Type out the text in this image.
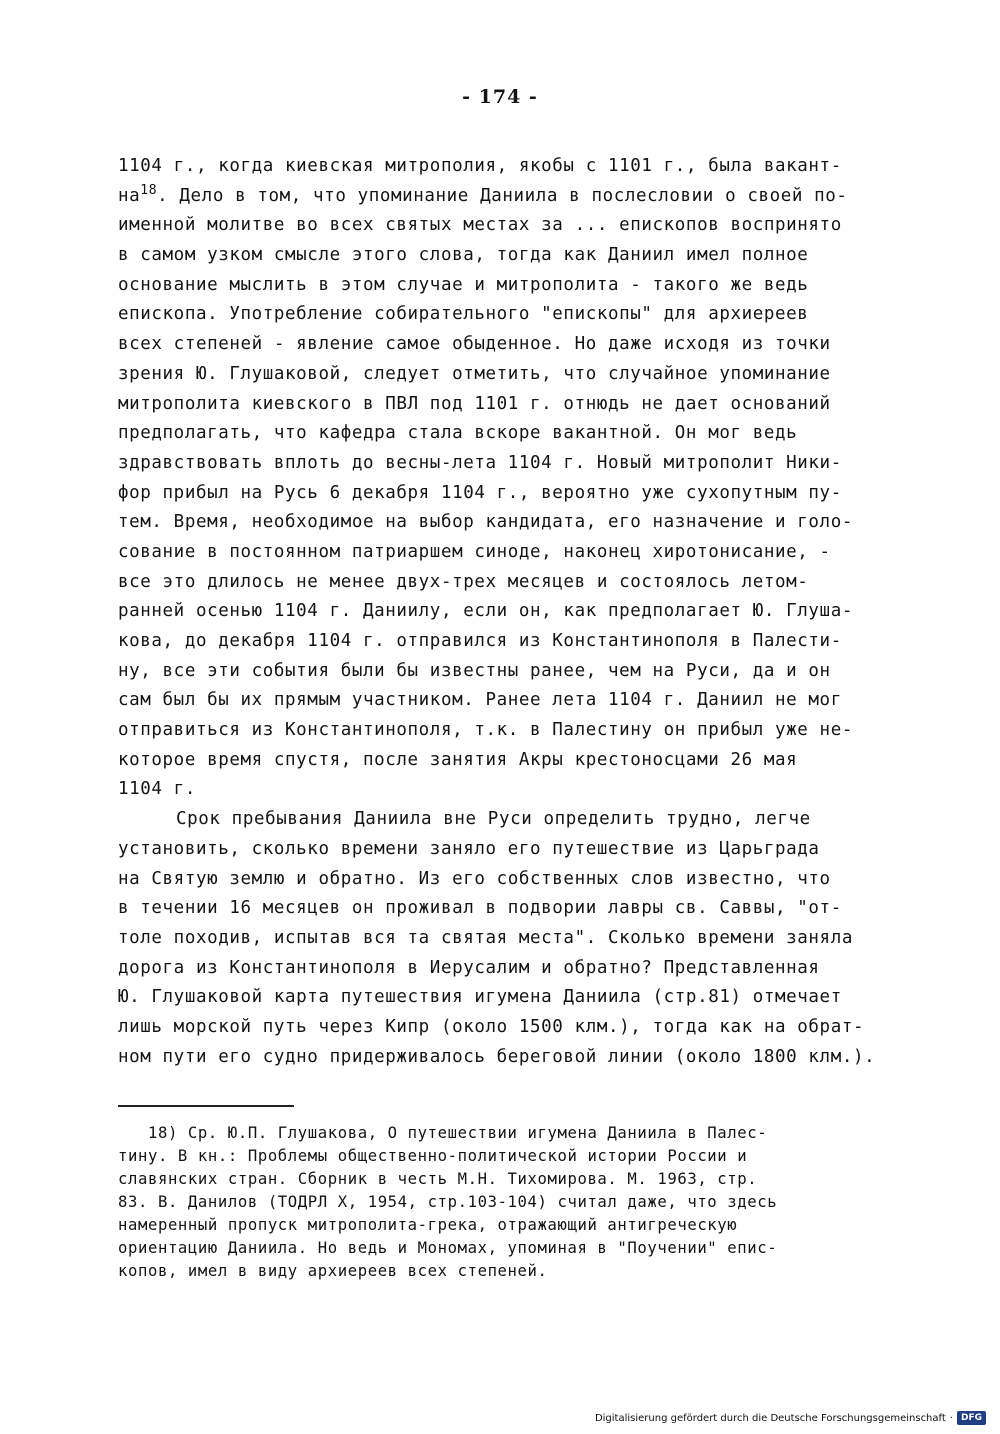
- 174 -
1104 г., когда киевская митрополия, якобы с 1101 г., была вакант-
на$^{18}$. Дело в том, что упоминание Даниила в послесловии о своей по-
именной молитве во всех святых местах за ... епископов воспринято
в самом узком смысле этого слова, тогда как Даниил имел полное
основание мыслить в этом случае и митрополита - такого же ведь
епископа. Употребление собирательного "епископы" для архиереев
всех степеней - явление самое обыденное. Но даже исходя из точки
зрения Ю. Глушаковой, следует отметить, что случайное упоминание
митрополита киевского в ПВЛ под 1101 г. отнюдь не дает оснований
предполагать, что кафедра стала вскоре вакантной. Он мог ведь
здравствовать вплоть до весны-лета 1104 г. Новый митрополит Ники-
фор прибыл на Русь 6 декабря 1104 г., вероятно уже сухопутным пу-
тем. Время, необходимое на выбор кандидата, его назначение и голо-
сование в постоянном патриаршем синоде, наконец хиротонисание, -
все это длилось не менее двух-трех месяцев и состоялось летом-
ранней осенью 1104 г. Даниилу, если он, как предполагает Ю. Глуша-
кова, до декабря 1104 г. отправился из Константинополя в Палести-
ну, все эти события были бы известны ранее, чем на Руси, да и он
сам был бы их прямым участником. Ранее лета 1104 г. Даниил не мог
отправиться из Константинополя, т.к. в Палестину он прибыл уже не-
которое время спустя, после занятия Акры крестоносцами 26 мая
1104 г.
Срок пребывания Даниила вне Руси определить трудно, легче
установить, сколько времени заняло его путешествие из Царьграда
на Святую землю и обратно. Из его собственных слов известно, что
в течении 16 месяцев он проживал в подвории лавры св. Саввы, "от-
толе походив, испытав вся та святая места". Сколько времени заняла
дорога из Константинополя в Иерусалим и обратно? Представленная
Ю. Глушаковой карта путешествия игумена Даниила (стр.81) отмечает
лишь морской путь через Кипр (около 1500 клм.), тогда как на обрат-
ном пути его судно придерживалось береговой линии (около 1800 клм.).
18) Ср. Ю.П. Глушакова, О путешествии игумена Даниила в Палес-
тину. В кн.: Проблемы общественно-политической истории России и
славянских стран. Сборник в честь М.Н. Тихомирова. М. 1963, стр.
83. В. Данилов (ТОДРЛ X, 1954, стр.103-104) считал даже, что здесь
намеренный пропуск митрополита-грека, отражающий антигреческую
ориентацию Даниила. Но ведь и Мономах, упоминая в "Поучении" епис-
копов, имел в виду архиереев всех степеней.
Digitalisierung gefördert durch die Deutsche Forschungsgemeinschaft · DFG
